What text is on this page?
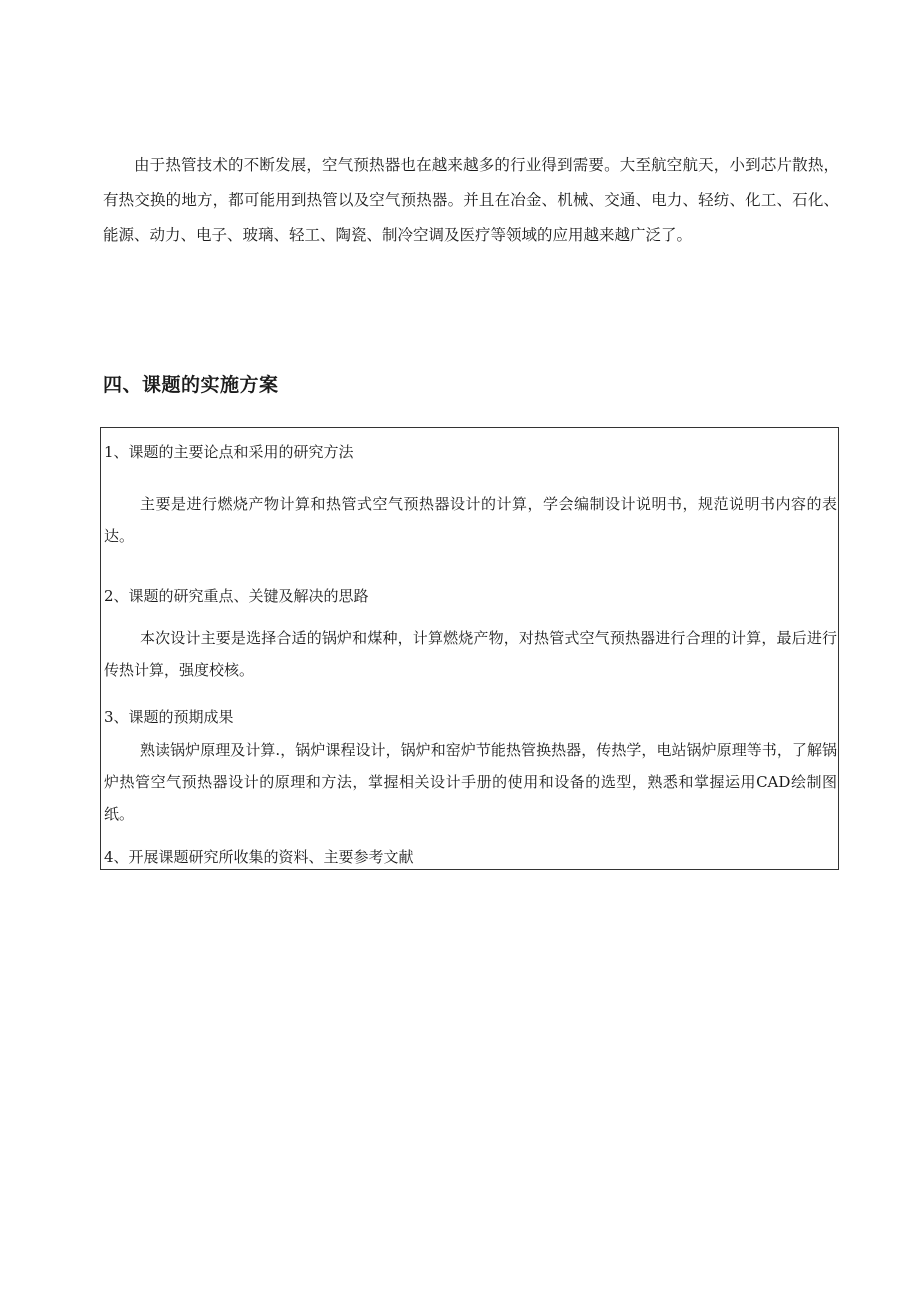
由于热管技术的不断发展，空气预热器也在越来越多的行业得到需要。大至航空航天，小到芯片散热，有热交换的地方，都可能用到热管以及空气预热器。并且在冶金、机械、交通、电力、轻纺、化工、石化、能源、动力、电子、玻璃、轻工、陶瓷、制冷空调及医疗等领域的应用越来越广泛了。

四、课题的实施方案

1、课题的主要论点和采用的研究方法

主要是进行燃烧产物计算和热管式空气预热器设计的计算，学会编制设计说明书，规范说明书内容的表达。

2、课题的研究重点、关键及解决的思路

本次设计主要是选择合适的锅炉和煤种，计算燃烧产物，对热管式空气预热器进行合理的计算，最后进行传热计算，强度校核。

3、课题的预期成果

熟读锅炉原理及计算.，锅炉课程设计，锅炉和窑炉节能热管换热器，传热学，电站锅炉原理等书，了解锅炉热管空气预热器设计的原理和方法，掌握相关设计手册的使用和设备的选型，熟悉和掌握运用CAD绘制图纸。

4、开展课题研究所收集的资料、主要参考文献
